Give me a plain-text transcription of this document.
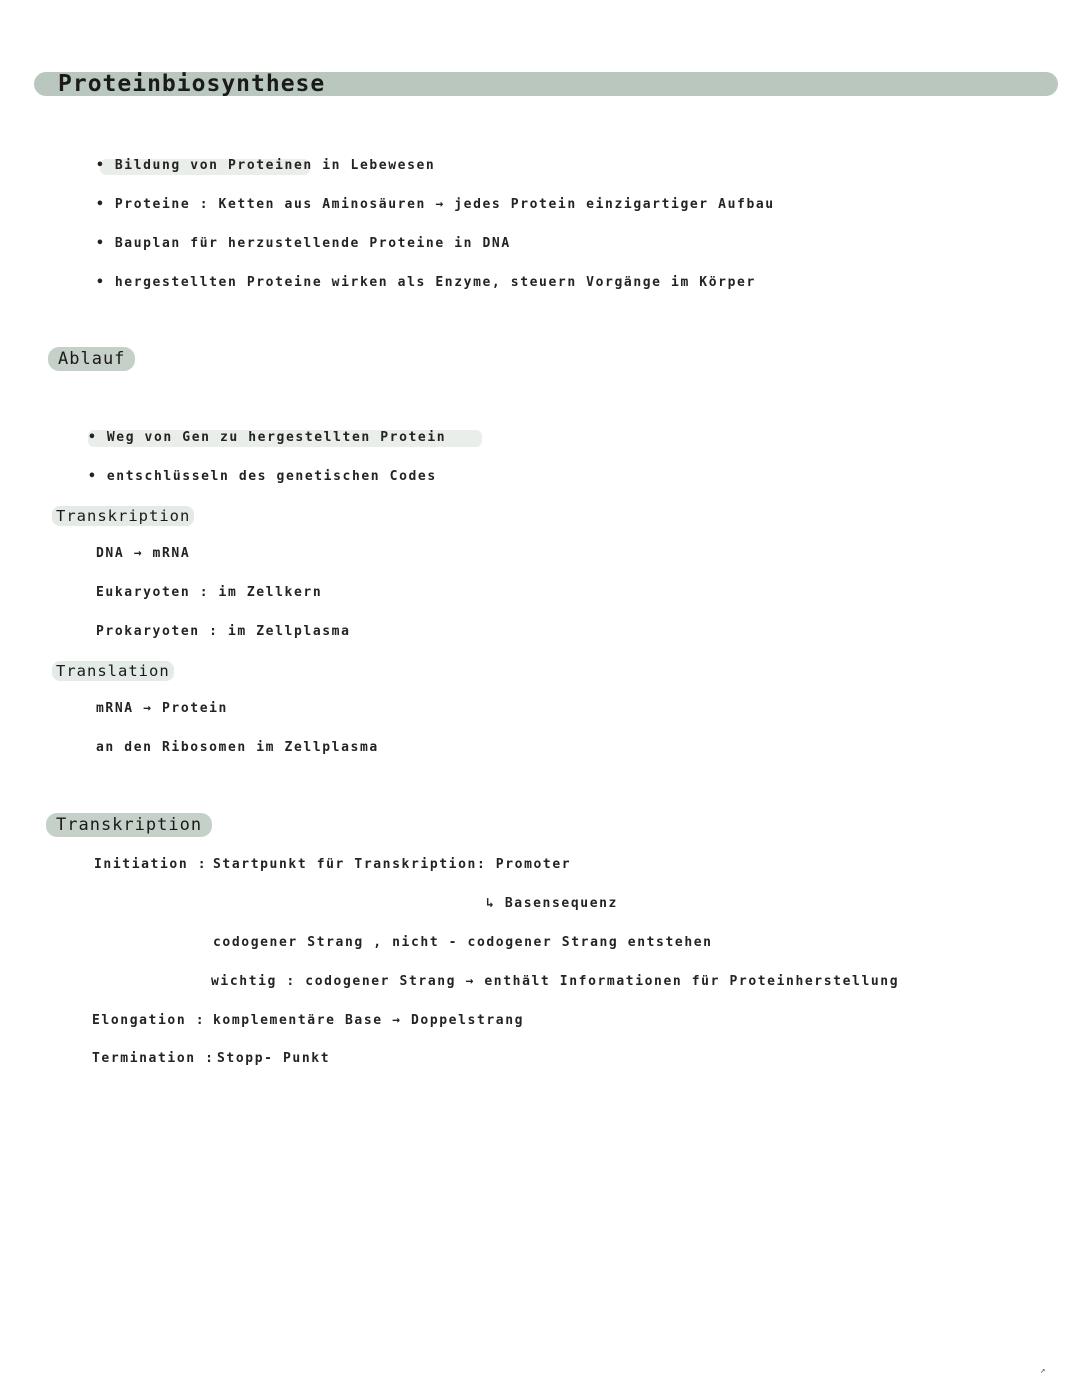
Proteinbiosynthese
• Bildung von Proteinen in Lebewesen
• Proteine : Ketten aus Aminosäuren → jedes Protein einzigartiger Aufbau
• Bauplan für herzustellende Proteine in DNA
• hergestellten Proteine wirken als Enzyme, steuern Vorgänge im Körper
Ablauf
• Weg von Gen zu hergestellten Protein
• entschlüsseln des genetischen Codes
Transkription
DNA → mRNA
Eukaryoten : im Zellkern
Prokaryoten : im Zellplasma
Translation
mRNA → Protein
an den Ribosomen im Zellplasma
Transkription
Initiation : Startpunkt für Transkription: Promoter
↳ Basensequenz
codogener Strang , nicht - codogener Strang entstehen
wichtig : codogener Strang → enthält Informationen für Proteinherstellung
Elongation : komplementäre Base → Doppelstrang
Termination : Stopp- Punkt
↗
